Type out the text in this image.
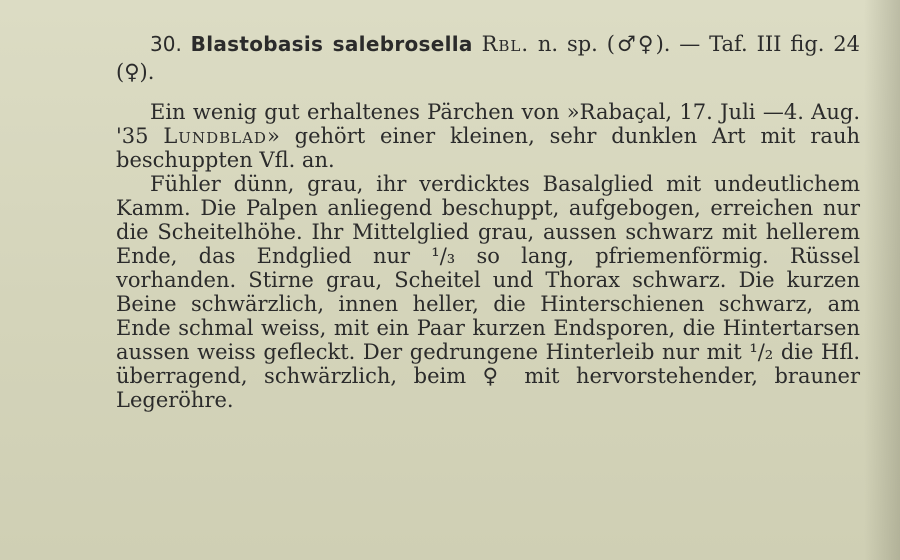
30. Blastobasis salebrosella Rbl. n. sp. (♂♀). — Taf. III fig. 24 (♀).

Ein wenig gut erhaltenes Pärchen von »Rabaçal, 17. Juli —4. Aug. '35 Lundblad» gehört einer kleinen, sehr dunklen Art mit rauh beschuppten Vfl. an.

Fühler dünn, grau, ihr verdicktes Basalglied mit undeutlichem Kamm. Die Palpen anliegend beschuppt, aufgebogen, erreichen nur die Scheitelhöhe. Ihr Mittelglied grau, aussen schwarz mit hellerem Ende, das Endglied nur ¹/₃ so lang, pfriemenförmig. Rüssel vorhanden. Stirne grau, Scheitel und Thorax schwarz. Die kurzen Beine schwärzlich, innen heller, die Hinterschienen schwarz, am Ende schmal weiss, mit ein Paar kurzen Endsporen, die Hintertarsen aussen weiss gefleckt. Der gedrungene Hinterleib nur mit ¹/₂ die Hfl. überragend, schwärzlich, beim ♀ mit hervorstehender, brauner Legeröhre.
